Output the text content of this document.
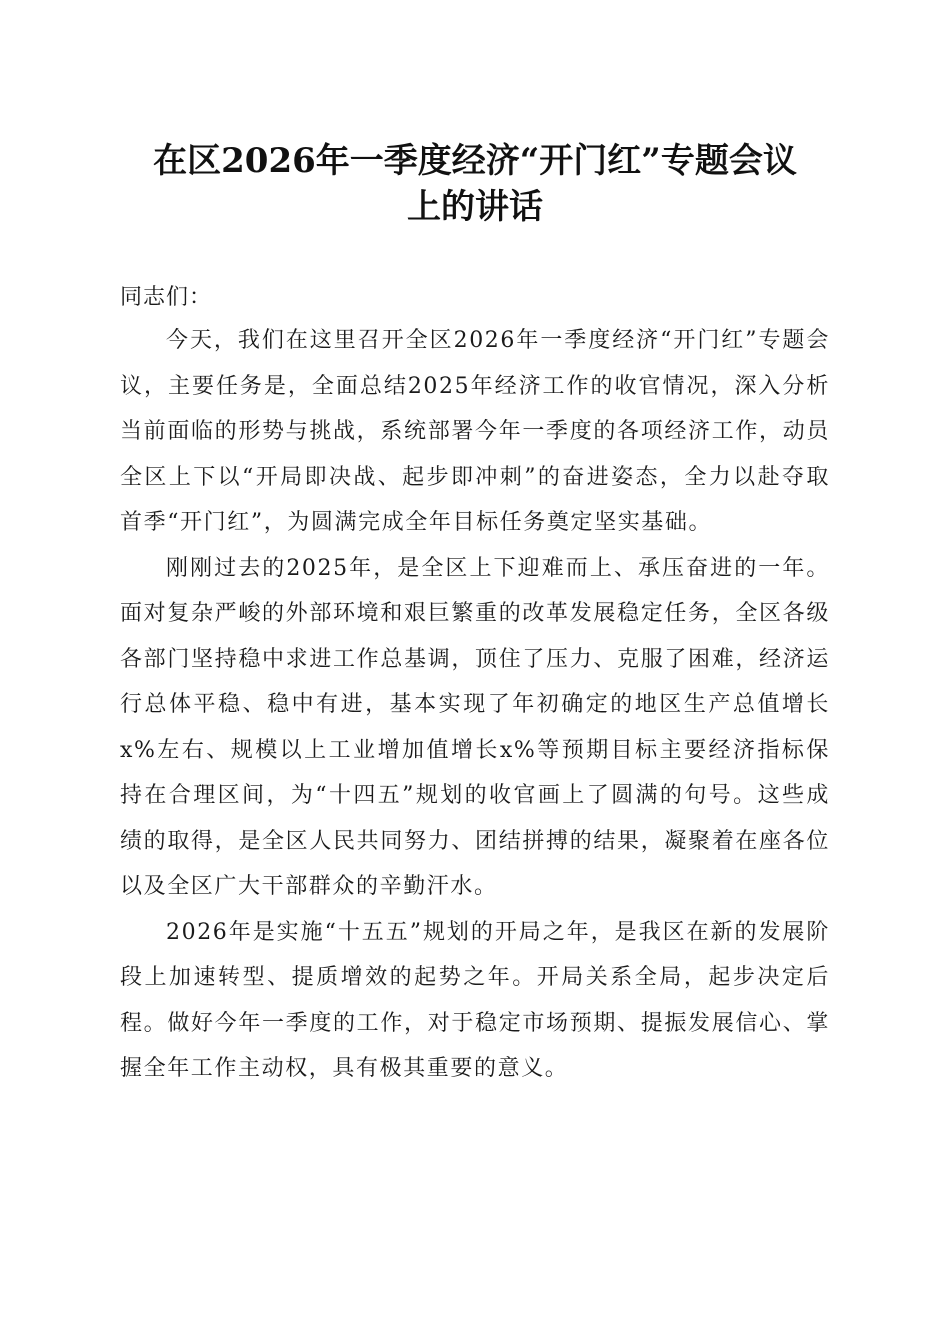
在区2026年一季度经济“开门红”专题会议
上的讲话

同志们：

今天，我们在这里召开全区2026年一季度经济“开门红”专题会议，主要任务是，全面总结2025年经济工作的收官情况，深入分析当前面临的形势与挑战，系统部署今年一季度的各项经济工作，动员全区上下以“开局即决战、起步即冲刺”的奋进姿态，全力以赴夺取首季“开门红”，为圆满完成全年目标任务奠定坚实基础。

刚刚过去的2025年，是全区上下迎难而上、承压奋进的一年。面对复杂严峻的外部环境和艰巨繁重的改革发展稳定任务，全区各级各部门坚持稳中求进工作总基调，顶住了压力、克服了困难，经济运行总体平稳、稳中有进，基本实现了年初确定的地区生产总值增长x%左右、规模以上工业增加值增长x%等预期目标主要经济指标保持在合理区间，为“十四五”规划的收官画上了圆满的句号。这些成绩的取得，是全区人民共同努力、团结拼搏的结果，凝聚着在座各位以及全区广大干部群众的辛勤汗水。

2026年是实施“十五五”规划的开局之年，是我区在新的发展阶段上加速转型、提质增效的起势之年。开局关系全局，起步决定后程。做好今年一季度的工作，对于稳定市场预期、提振发展信心、掌握全年工作主动权，具有极其重要的意义。
